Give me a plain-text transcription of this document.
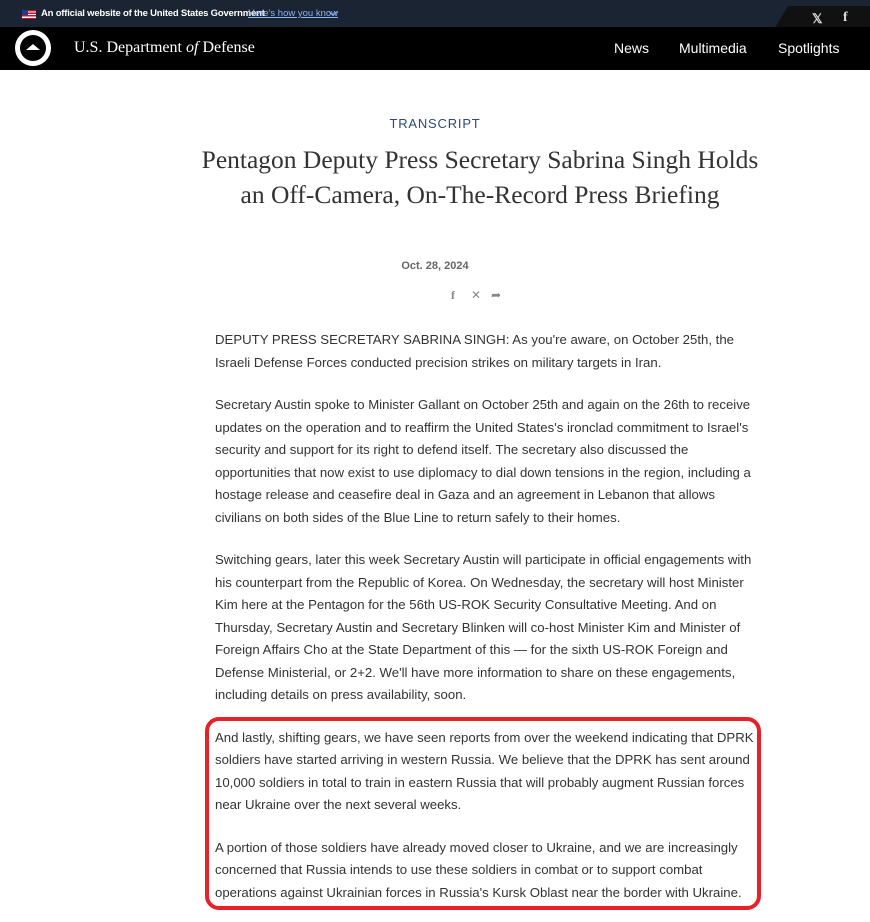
An official website of the United States Government
Here's how you know	𝕏 f
U.S. Department of Defense	News Multimedia Spotlights
TRANSCRIPT
Pentagon Deputy Press Secretary Sabrina Singh Holds an Off-Camera, On-The-Record Press Briefing
Oct. 28, 2024
f ✕ ➦

DEPUTY PRESS SECRETARY SABRINA SINGH: As you're aware, on October 25th, the Israeli Defense Forces conducted precision strikes on military targets in Iran.

Secretary Austin spoke to Minister Gallant on October 25th and again on the 26th to receive updates on the operation and to reaffirm the United States's ironclad commitment to Israel's security and support for its right to defend itself. The secretary also discussed the opportunities that now exist to use diplomacy to dial down tensions in the region, including a hostage release and ceasefire deal in Gaza and an agreement in Lebanon that allows civilians on both sides of the Blue Line to return safely to their homes.

Switching gears, later this week Secretary Austin will participate in official engagements with his counterpart from the Republic of Korea. On Wednesday, the secretary will host Minister Kim here at the Pentagon for the 56th US-ROK Security Consultative Meeting. And on Thursday, Secretary Austin and Secretary Blinken will co-host Minister Kim and Minister of Foreign Affairs Cho at the State Department of this — for the sixth US-ROK Foreign and Defense Ministerial, or 2+2. We'll have more information to share on these engagements, including details on press availability, soon.

And lastly, shifting gears, we have seen reports from over the weekend indicating that DPRK soldiers have started arriving in western Russia. We believe that the DPRK has sent around 10,000 soldiers in total to train in eastern Russia that will probably augment Russian forces near Ukraine over the next several weeks.

A portion of those soldiers have already moved closer to Ukraine, and we are increasingly concerned that Russia intends to use these soldiers in combat or to support combat operations against Ukrainian forces in Russia's Kursk Oblast near the border with Ukraine.
